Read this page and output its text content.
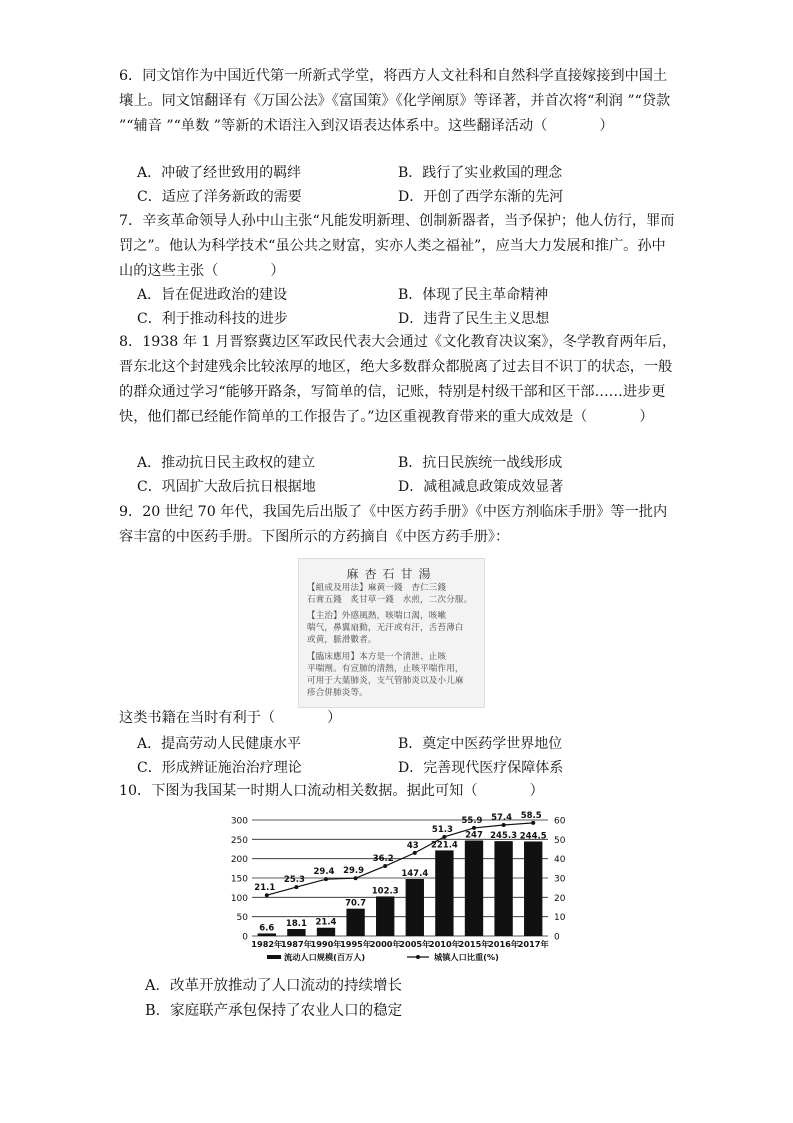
6．同文馆作为中国近代第一所新式学堂，将西方人文社科和自然科学直接嫁接到中国土壤上。同文馆翻译有《万国公法》《富国策》《化学阐原》等译著，并首次将“利润 ”“贷款 ”“辅音 ”“单数 ”等新的术语注入到汉语表达体系中。这些翻译活动（	）

A．冲破了经世致用的羁绊	B．践行了实业救国的理念
C．适应了洋务新政的需要	D．开创了西学东渐的先河

7．辛亥革命领导人孙中山主张“凡能发明新理、创制新器者，当予保护；他人仿行，罪而罚之”。他认为科学技术“虽公共之财富，实亦人类之福祉”，应当大力发展和推广。孙中山的这些主张（	）

A．旨在促进政治的建设	B．体现了民主革命精神
C．利于推动科技的进步	D．违背了民生主义思想

8．1938 年 1 月晋察冀边区军政民代表大会通过《文化教育决议案》，冬学教育两年后，晋东北这个封建残余比较浓厚的地区，绝大多数群众都脱离了过去目不识丁的状态，一般的群众通过学习“能够开路条，写简单的信，记账，特别是村级干部和区干部……进步更快，他们都已经能作简单的工作报告了。”边区重视教育带来的重大成效是（	）

A．推动抗日民主政权的建立	B．抗日民族统一战线形成
C．巩固扩大敌后抗日根据地	D．减租减息政策成效显著

9．20 世纪 70 年代，我国先后出版了《中医方药手册》《中医方剂临床手册》等一批内容丰富的中医药手册。下图所示的方药摘自《中医方药手册》：

麻杏石甘湯
【組成及用法】麻黄一錢　杏仁三錢
石膏五錢　炙甘草一錢　水煎，二次分服。
【主治】外感風熱，咳喘口渴，咳嗽
喘气，鼻翼扇動，无汗或有汗，舌苔薄白
或黄，脈滑數者。
【臨床應用】本方是一个清泄、止咳
平喘劑。有宣肺的清熱，止咳平喘作用，
可用于大葉肺炎，支气管肺炎以及小儿麻
疹合併肺炎等。

这类书籍在当时有利于（	）

A．提高劳动人民健康水平	B．奠定中医药学世界地位
C．形成辨证施治治疗理论	D．完善现代医疗保障体系

10．下图为我国某一时期人口流动相关数据。据此可知（	）

6.6 18.1 21.4
70.7
102.3
147.4
221.4
247 245.3 244.5
21.1
25.3
29.4 29.9
36.2
43
51.3
55.9 57.4 58.5
300
250
200
150
100
50
0
60
50
40
30
20
10
0
1982年
1987年
1990年
1995年
2000年
2005年
2010年
2015年
2016年
2017年
流动人口规模(百万人)	城镇人口比重(%)
A．改革开放推动了人口流动的持续增长
B．家庭联产承包保持了农业人口的稳定
